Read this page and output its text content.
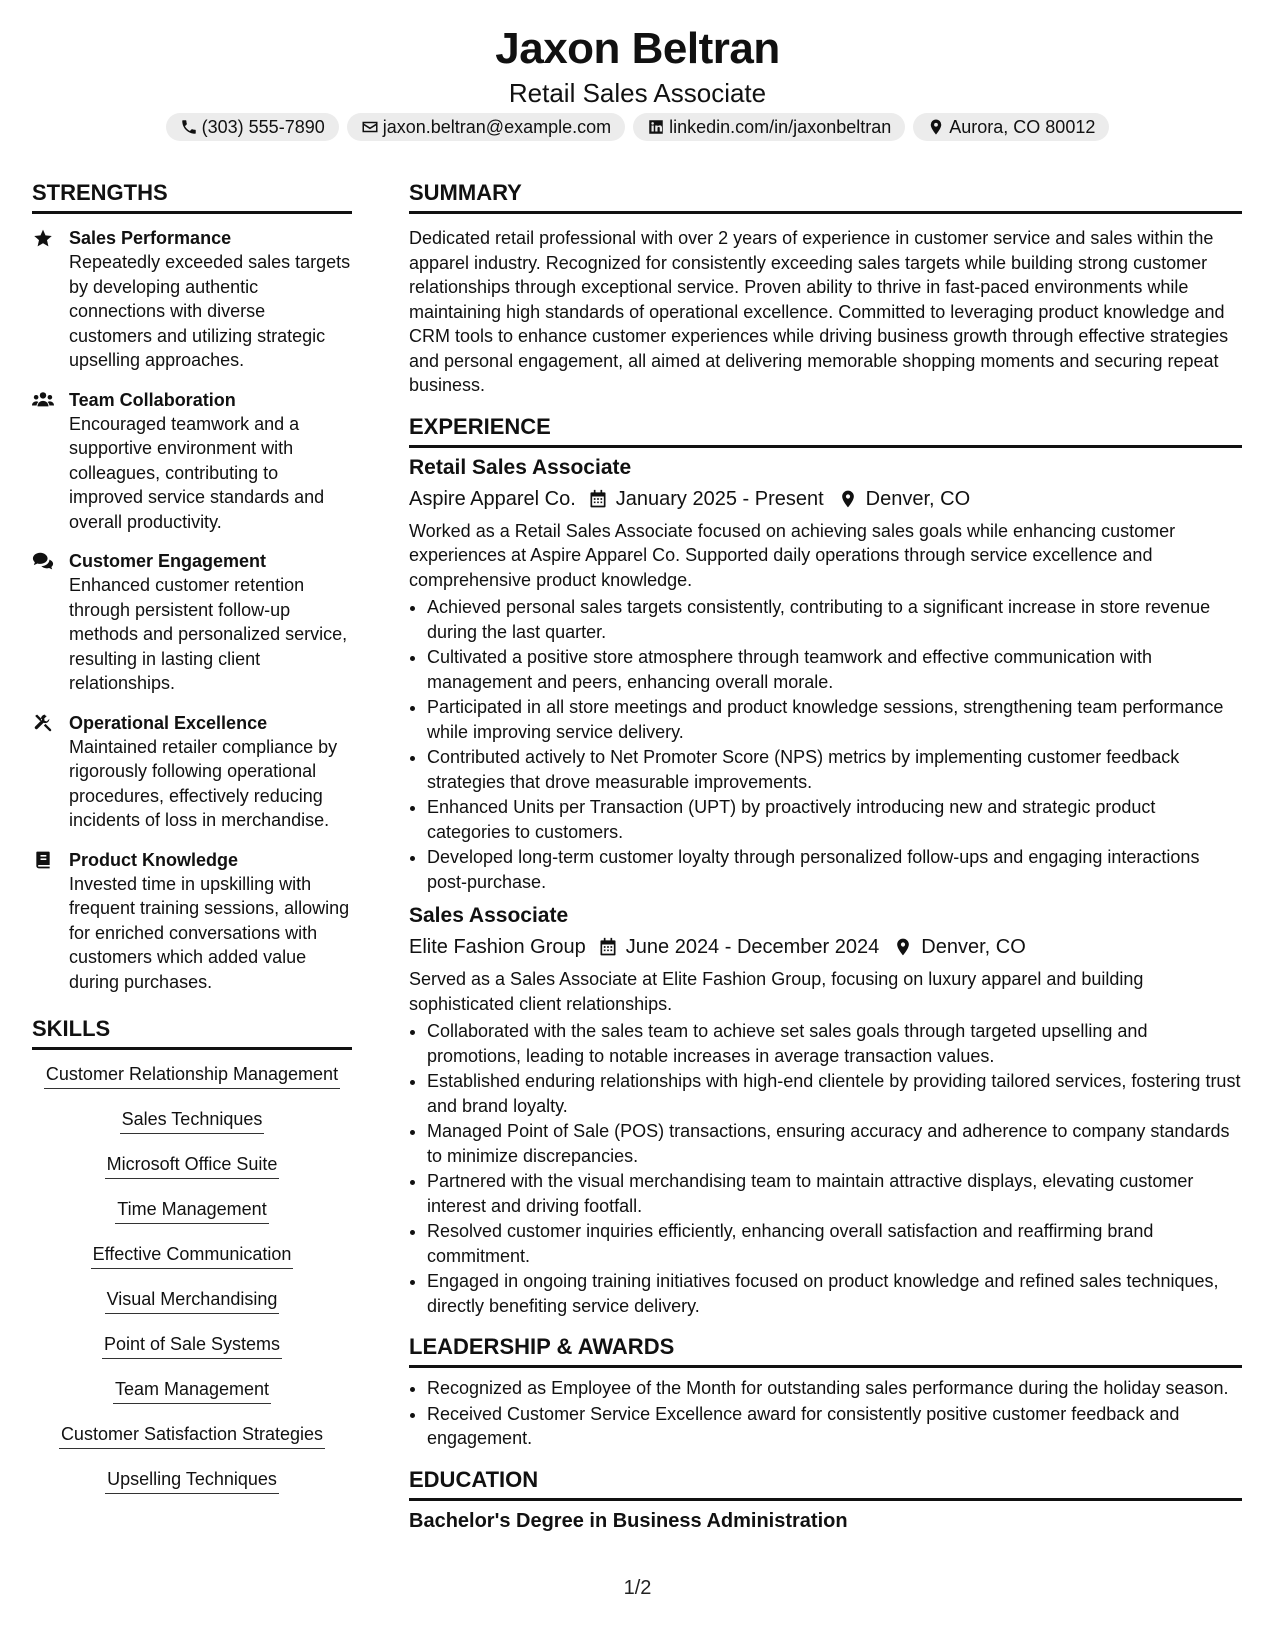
Jaxon Beltran
Retail Sales Associate
(303) 555-7890	jaxon.beltran@example.com	linkedin.com/in/jaxonbeltran	Aurora, CO 80012
STRENGTHS
Sales Performance
Repeatedly exceeded sales targets by developing authentic connections with diverse customers and utilizing strategic upselling approaches.
Team Collaboration
Encouraged teamwork and a supportive environment with colleagues, contributing to improved service standards and overall productivity.
Customer Engagement
Enhanced customer retention through persistent follow-up methods and personalized service, resulting in lasting client relationships.
Operational Excellence
Maintained retailer compliance by rigorously following operational procedures, effectively reducing incidents of loss in merchandise.
Product Knowledge
Invested time in upskilling with frequent training sessions, allowing for enriched conversations with customers which added value during purchases.
SKILLS
Customer Relationship Management
Sales Techniques
Microsoft Office Suite
Time Management
Effective Communication
Visual Merchandising
Point of Sale Systems
Team Management
Customer Satisfaction Strategies
Upselling Techniques
SUMMARY
Dedicated retail professional with over 2 years of experience in customer service and sales within the apparel industry. Recognized for consistently exceeding sales targets while building strong customer relationships through exceptional service. Proven ability to thrive in fast-paced environments while maintaining high standards of operational excellence. Committed to leveraging product knowledge and CRM tools to enhance customer experiences while driving business growth through effective strategies and personal engagement, all aimed at delivering memorable shopping moments and securing repeat business.
EXPERIENCE
Retail Sales Associate
Aspire Apparel Co. January 2025 - Present Denver, CO
Worked as a Retail Sales Associate focused on achieving sales goals while enhancing customer experiences at Aspire Apparel Co. Supported daily operations through service excellence and comprehensive product knowledge.
• Achieved personal sales targets consistently, contributing to a significant increase in store revenue during the last quarter.
• Cultivated a positive store atmosphere through teamwork and effective communication with management and peers, enhancing overall morale.
• Participated in all store meetings and product knowledge sessions, strengthening team performance while improving service delivery.
• Contributed actively to Net Promoter Score (NPS) metrics by implementing customer feedback strategies that drove measurable improvements.
• Enhanced Units per Transaction (UPT) by proactively introducing new and strategic product categories to customers.
• Developed long-term customer loyalty through personalized follow-ups and engaging interactions post-purchase.
Sales Associate
Elite Fashion Group June 2024 - December 2024 Denver, CO
Served as a Sales Associate at Elite Fashion Group, focusing on luxury apparel and building sophisticated client relationships.
• Collaborated with the sales team to achieve set sales goals through targeted upselling and promotions, leading to notable increases in average transaction values.
• Established enduring relationships with high-end clientele by providing tailored services, fostering trust and brand loyalty.
• Managed Point of Sale (POS) transactions, ensuring accuracy and adherence to company standards to minimize discrepancies.
• Partnered with the visual merchandising team to maintain attractive displays, elevating customer interest and driving footfall.
• Resolved customer inquiries efficiently, enhancing overall satisfaction and reaffirming brand commitment.
• Engaged in ongoing training initiatives focused on product knowledge and refined sales techniques, directly benefiting service delivery.
LEADERSHIP & AWARDS
• Recognized as Employee of the Month for outstanding sales performance during the holiday season.
• Received Customer Service Excellence award for consistently positive customer feedback and engagement.
EDUCATION
Bachelor's Degree in Business Administration
1/2
